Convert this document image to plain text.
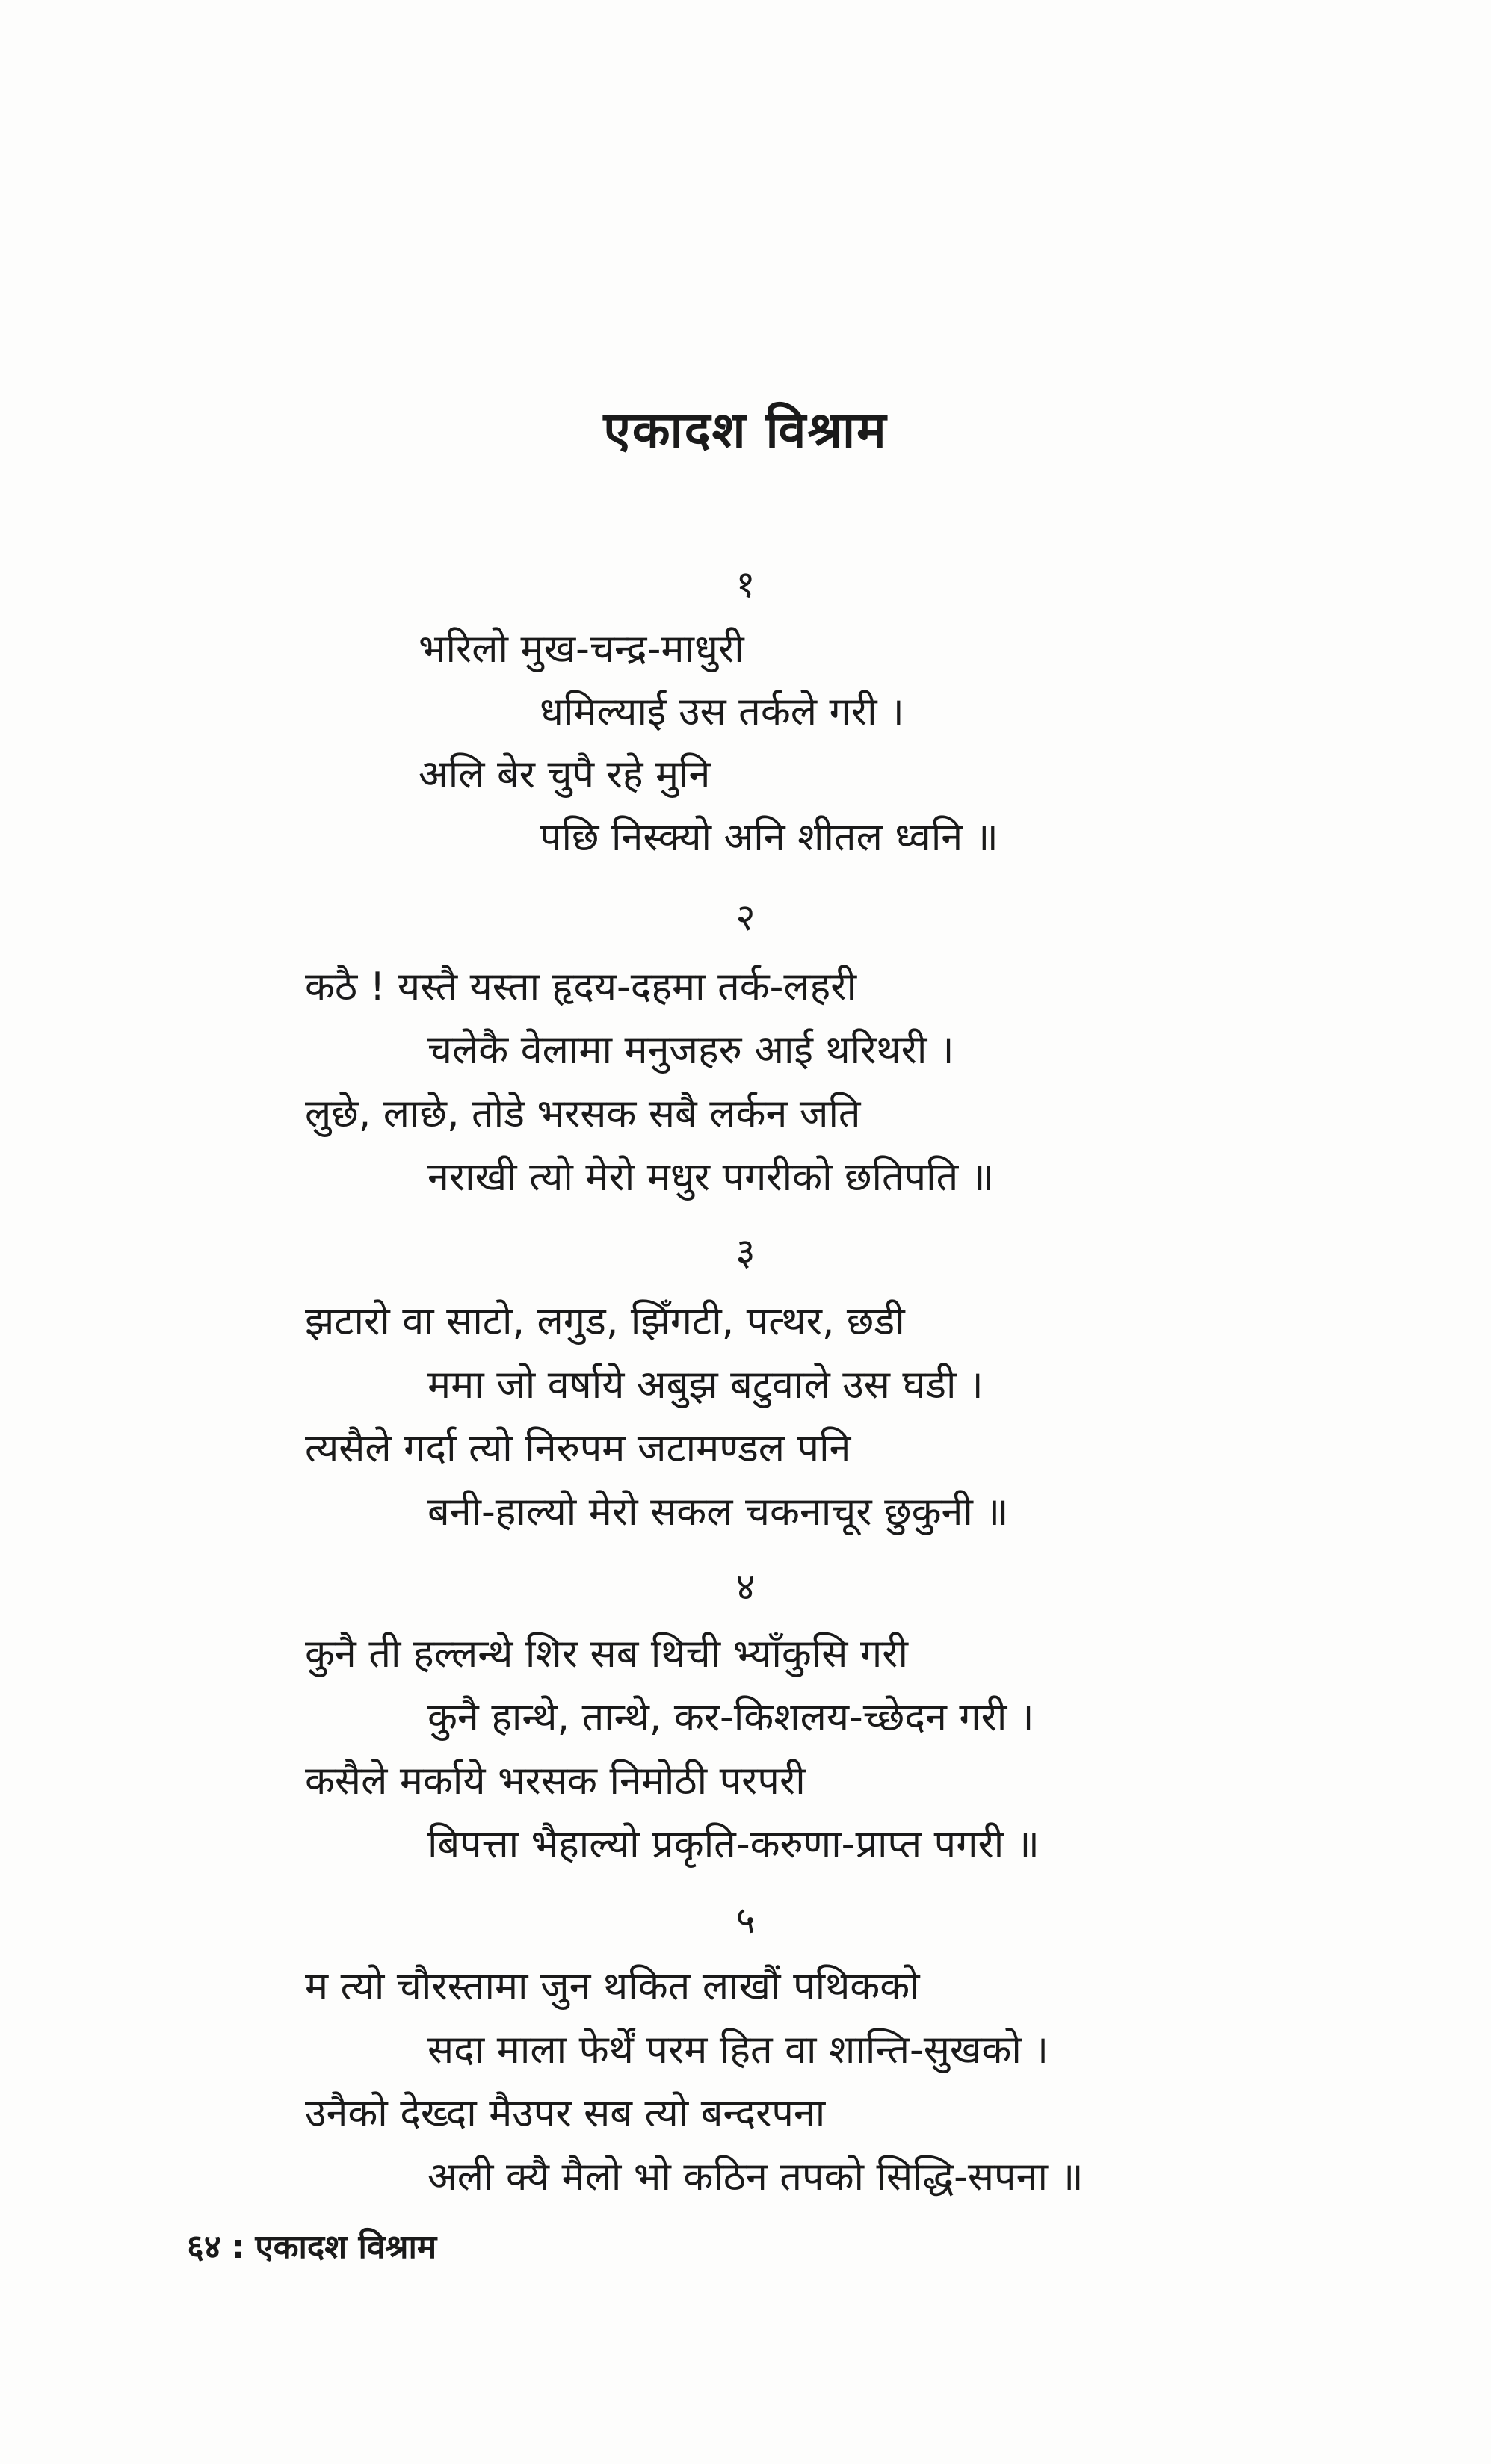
एकादश विश्राम
१
भरिलो मुख-चन्द्र-माधुरी
धमिल्याई उस तर्कले गरी ।
अलि बेर चुपै रहे मुनि
पछि निस्क्यो अनि शीतल ध्वनि ॥
२
कठै ! यस्तै यस्ता हृदय-दहमा तर्क-लहरी
चलेकै वेलामा मनुजहरु आई थरिथरी ।
लुछे, लाछे, तोडे भरसक सबै लर्कन जति
नराखी त्यो मेरो मधुर पगरीको छतिपति ॥
३
झटारो वा साटो, लगुड, झिँगटी, पत्थर, छडी
ममा जो वर्षाये अबुझ बटुवाले उस घडी ।
त्यसैले गर्दा त्यो निरुपम जटामण्डल पनि
बनी-हाल्यो मेरो सकल चकनाचूर छुकुनी ॥
४
कुनै ती हल्लन्थे शिर सब थिची भ्याँकुसि गरी
कुनै हान्थे, तान्थे, कर-किशलय-च्छेदन गरी ।
कसैले मर्काये भरसक निमोठी परपरी
बिपत्ता भैहाल्यो प्रकृति-करुणा-प्राप्त पगरी ॥
५
म त्यो चौरस्तामा जुन थकित लाखौं पथिकको
सदा माला फेर्थें परम हित वा शान्ति-सुखको ।
उनैको देख्दा मैउपर सब त्यो बन्दरपना
अली क्यै मैलो भो कठिन तपको सिद्धि-सपना ॥
६४ : एकादश विश्राम
